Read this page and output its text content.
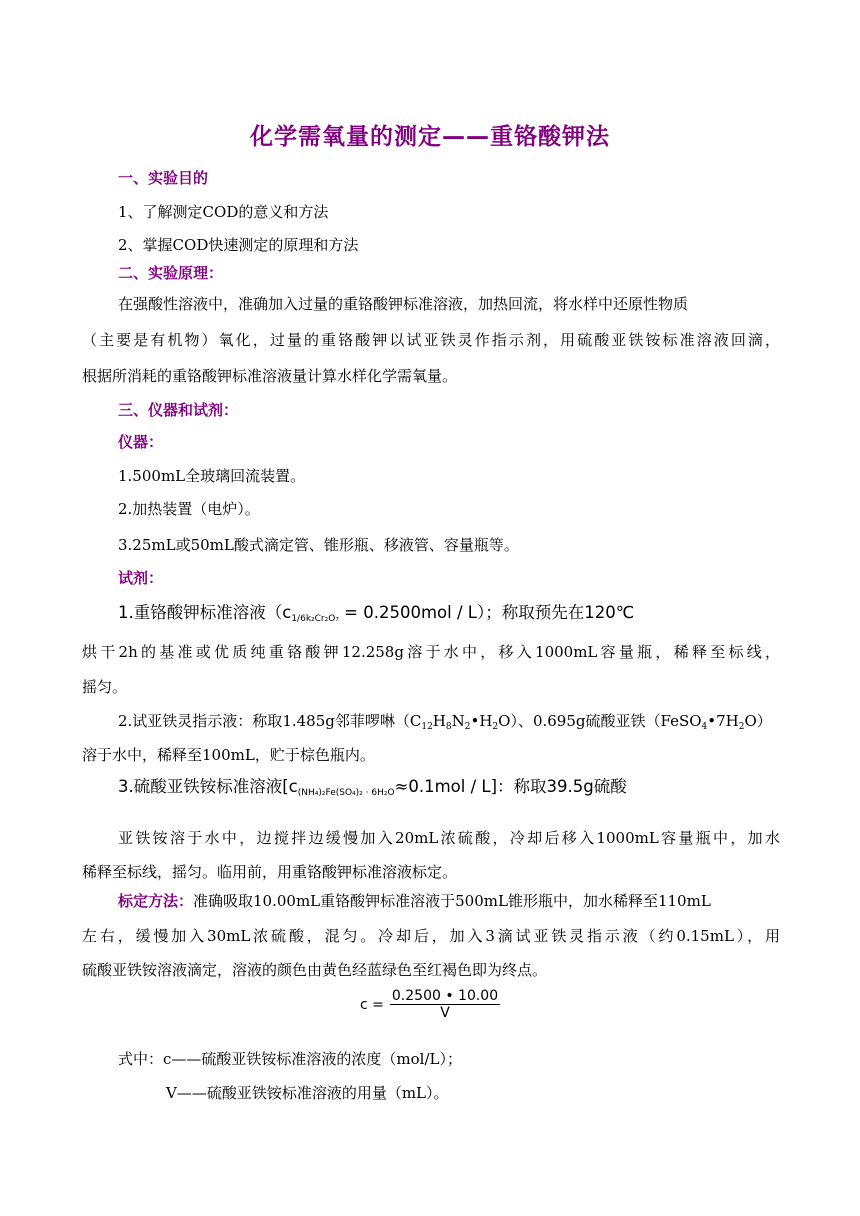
化学需氧量的测定——重铬酸钾法

一、实验目的

1、了解测定COD的意义和方法

2、掌握COD快速测定的原理和方法

二、实验原理：

在强酸性溶液中，准确加入过量的重铬酸钾标准溶液，加热回流，将水样中还原性物质

（主要是有机物）氧化，过量的重铬酸钾以试亚铁灵作指示剂，用硫酸亚铁铵标准溶液回滴，

根据所消耗的重铬酸钾标准溶液量计算水样化学需氧量。

三、仪器和试剂：

仪器：

1.500mL全玻璃回流装置。

2.加热装置（电炉）。

3.25mL或50mL酸式滴定管、锥形瓶、移液管、容量瓶等。

试剂：

1.重铬酸钾标准溶液$(c_{1/6k_2Cr_2O_7} = 0.2500mol / L)$；称取预先在120℃

烘干2h的基准或优质纯重铬酸钾12.258g溶于水中，移入1000mL容量瓶，稀释至标线，

摇匀。

2.试亚铁灵指示液：称取1.485g邻菲啰啉$(C_{12}H_8N_2•H_2O)$、0.695g硫酸亚铁$(FeSO_4•7H_2O)$

溶于水中，稀释至100mL，贮于棕色瓶内。

3.硫酸亚铁铵标准溶液$[c_{(NH_4)_2Fe(SO_4)_2 \cdot 6H_2O}\approx 0.1mol / L]$：称取39.5g硫酸

亚铁铵溶于水中，边搅拌边缓慢加入20mL浓硫酸，冷却后移入1000mL容量瓶中，加水

稀释至标线，摇匀。临用前，用重铬酸钾标准溶液标定。

标定方法：准确吸取10.00mL重铬酸钾标准溶液于500mL锥形瓶中，加水稀释至110mL

左右，缓慢加入30mL浓硫酸，混匀。冷却后，加入3滴试亚铁灵指示液（约0.15mL），用

硫酸亚铁铵溶液滴定，溶液的颜色由黄色经蓝绿色至红褐色即为终点。

$c = \frac{0.2500 • 10.00}{V}$

式中：c——硫酸亚铁铵标准溶液的浓度（mol/L）；

V——硫酸亚铁铵标准溶液的用量（mL）。
